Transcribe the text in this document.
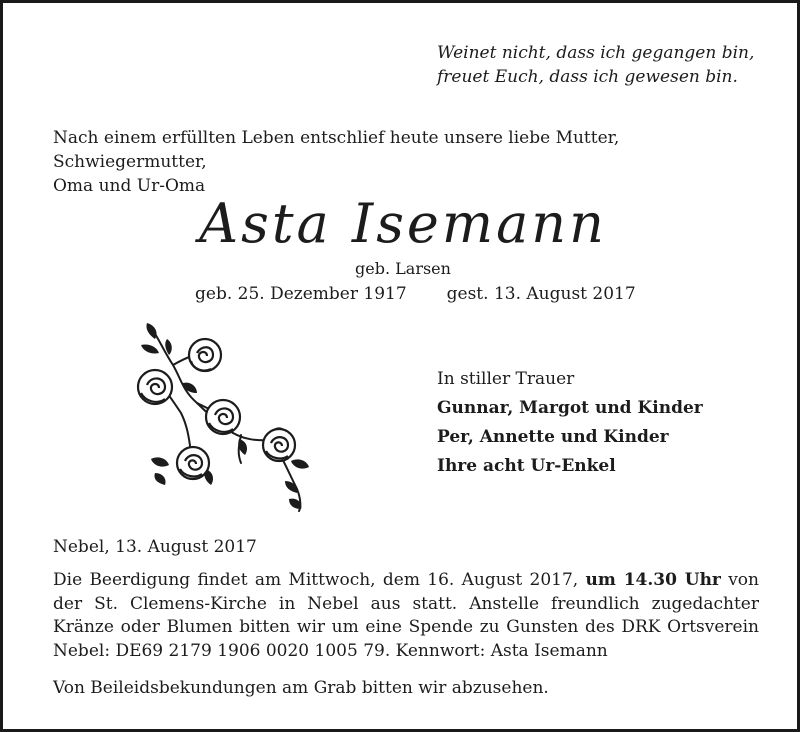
Weinet nicht, dass ich gegangen bin,
freuet Euch, dass ich gewesen bin.
Nach einem erfüllten Leben entschlief heute unsere liebe Mutter, Schwiegermutter,
Oma und Ur-Oma
Asta Isemann
geb. Larsen
geb. 25. Dezember 1917 gest. 13. August 2017
In stiller Trauer
Gunnar, Margot und Kinder
Per, Annette und Kinder
Ihre acht Ur-Enkel
Nebel, 13. August 2017
Die Beerdigung findet am Mittwoch, dem 16. August 2017, um 14.30 Uhr von der St. Clemens-Kirche in Nebel aus statt. Anstelle freundlich zugedachter Kränze oder Blumen bitten wir um eine Spende zu Gunsten des DRK Ortsverein Nebel: DE69 2179 1906 0020 1005 79. Kennwort: Asta Isemann
Von Beileidsbekundungen am Grab bitten wir abzusehen.
